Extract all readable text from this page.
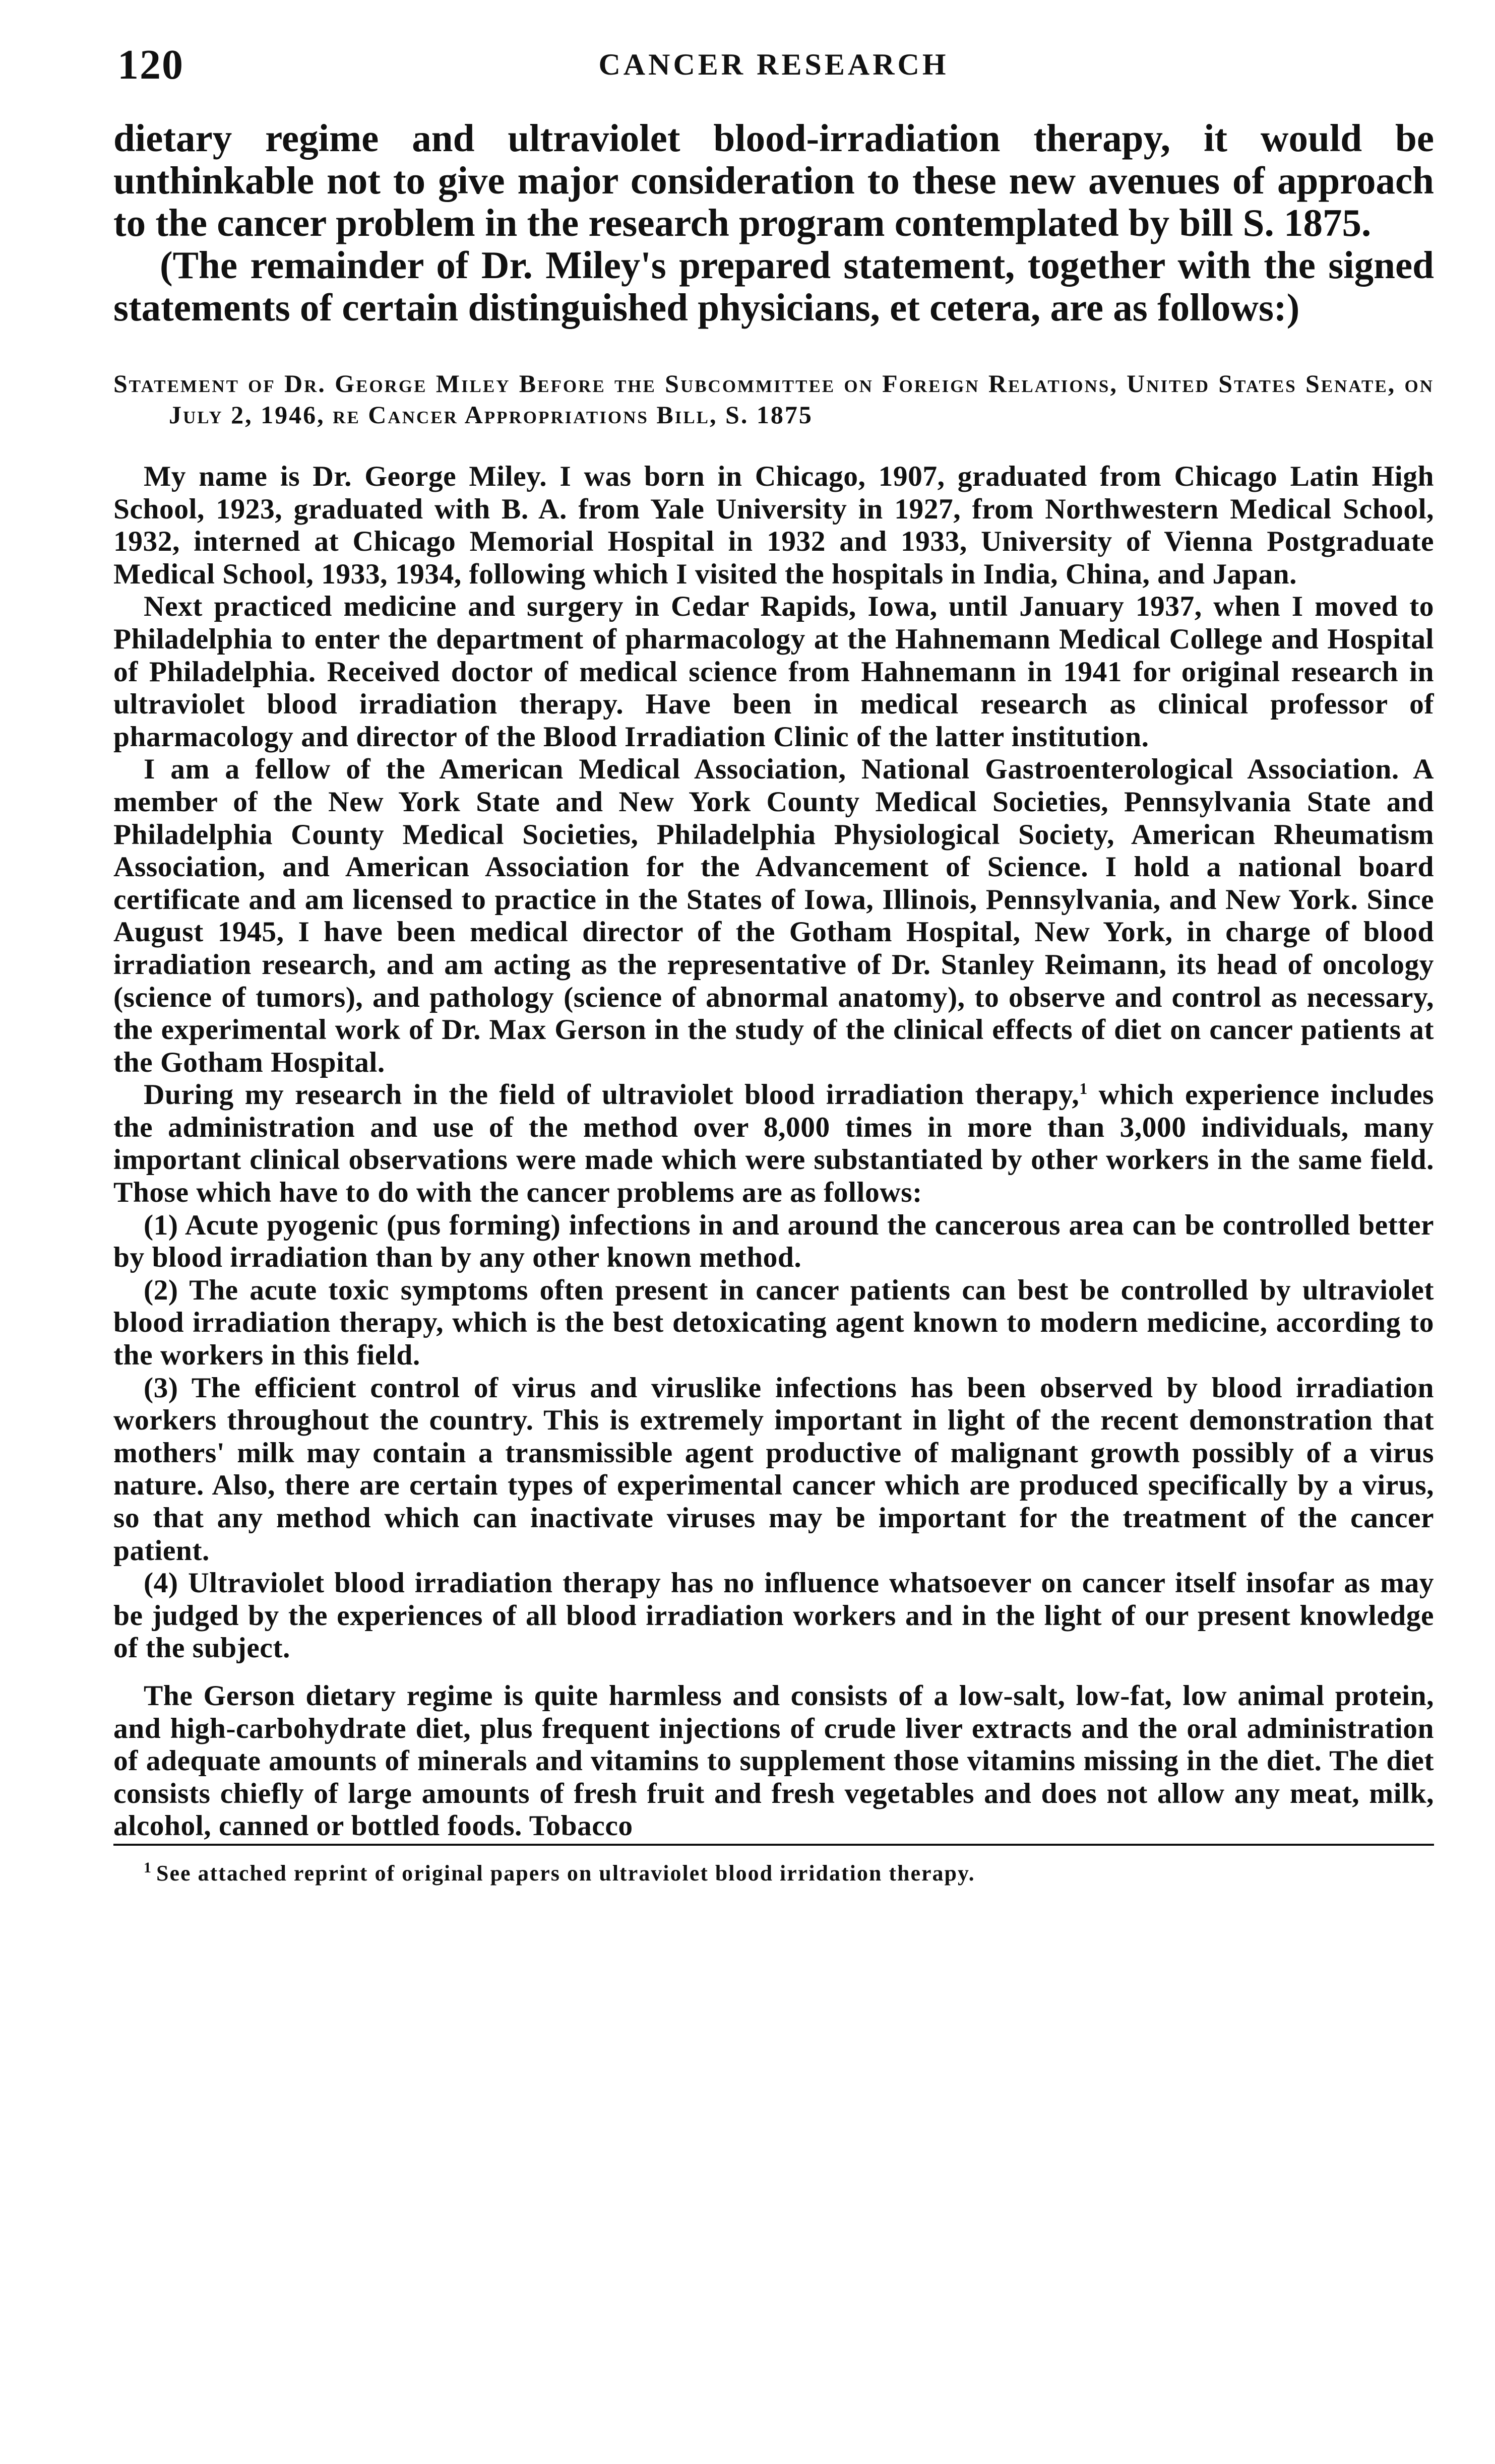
120	CANCER RESEARCH

dietary regime and ultraviolet blood-irradiation therapy, it would be unthinkable not to give major consideration to these new avenues of approach to the cancer problem in the research program contemplated by bill S. 1875.

(The remainder of Dr. Miley's prepared statement, together with the signed statements of certain distinguished physicians, et cetera, are as follows:)

Statement of Dr. George Miley Before the Subcommittee on Foreign Relations, United States Senate, on July 2, 1946, re Cancer Appropriations Bill, S. 1875

My name is Dr. George Miley. I was born in Chicago, 1907, graduated from Chicago Latin High School, 1923, graduated with B. A. from Yale University in 1927, from Northwestern Medical School, 1932, interned at Chicago Memorial Hospital in 1932 and 1933, University of Vienna Postgraduate Medical School, 1933, 1934, following which I visited the hospitals in India, China, and Japan.

Next practiced medicine and surgery in Cedar Rapids, Iowa, until January 1937, when I moved to Philadelphia to enter the department of pharmacology at the Hahnemann Medical College and Hospital of Philadelphia. Received doctor of medical science from Hahnemann in 1941 for original research in ultraviolet blood irradiation therapy. Have been in medical research as clinical professor of pharmacology and director of the Blood Irradiation Clinic of the latter institution.

I am a fellow of the American Medical Association, National Gastroenterological Association. A member of the New York State and New York County Medical Societies, Pennsylvania State and Philadelphia County Medical Societies, Philadelphia Physiological Society, American Rheumatism Association, and American Association for the Advancement of Science. I hold a national board certificate and am licensed to practice in the States of Iowa, Illinois, Pennsylvania, and New York. Since August 1945, I have been medical director of the Gotham Hospital, New York, in charge of blood irradiation research, and am acting as the representative of Dr. Stanley Reimann, its head of oncology (science of tumors), and pathology (science of abnormal anatomy), to observe and control as necessary, the experimental work of Dr. Max Gerson in the study of the clinical effects of diet on cancer patients at the Gotham Hospital.

During my research in the field of ultraviolet blood irradiation therapy,$^1$ which experience includes the administration and use of the method over 8,000 times in more than 3,000 individuals, many important clinical observations were made which were substantiated by other workers in the same field. Those which have to do with the cancer problems are as follows:

(1) Acute pyogenic (pus forming) infections in and around the cancerous area can be controlled better by blood irradiation than by any other known method.

(2) The acute toxic symptoms often present in cancer patients can best be controlled by ultraviolet blood irradiation therapy, which is the best detoxicating agent known to modern medicine, according to the workers in this field.

(3) The efficient control of virus and viruslike infections has been observed by blood irradiation workers throughout the country. This is extremely important in light of the recent demonstration that mothers' milk may contain a transmissible agent productive of malignant growth possibly of a virus nature. Also, there are certain types of experimental cancer which are produced specifically by a virus, so that any method which can inactivate viruses may be important for the treatment of the cancer patient.

(4) Ultraviolet blood irradiation therapy has no influence whatsoever on cancer itself insofar as may be judged by the experiences of all blood irradiation workers and in the light of our present knowledge of the subject.

The Gerson dietary regime is quite harmless and consists of a low-salt, low-fat, low animal protein, and high-carbohydrate diet, plus frequent injections of crude liver extracts and the oral administration of adequate amounts of minerals and vitamins to supplement those vitamins missing in the diet. The diet consists chiefly of large amounts of fresh fruit and fresh vegetables and does not allow any meat, milk, alcohol, canned or bottled foods. Tobacco

$^1$ See attached reprint of original papers on ultraviolet blood irridation therapy.
